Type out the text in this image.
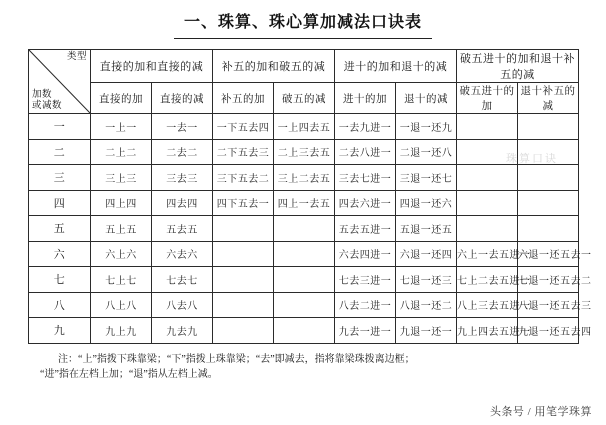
一、珠算、珠心算加减法口诀表
类型
加数
或减数	直接的加和直接的减		补五的加和破五的减		进十的加和退十的减		破五进十的加和退十补五的减	
	直接的加	直接的减	补五的加	破五的减	进十的加	退十的减	破五进十的加	退十补五的减
一	一上一	一去一	一下五去四	一上四去五	一去九进一	一退一还九		
二	二上二	二去二	二下五去三	二上三去五	二去八进一	二退一还八		
三	三上三	三去三	三下五去二	三上二去五	三去七进一	三退一还七		
四	四上四	四去四	四下五去一	四上一去五	四去六进一	四退一还六		
五	五上五	五去五			五去五进一	五退一还五		
六	六上六	六去六			六去四进一	六退一还四	六上一去五进一	六退一还五去一
七	七上七	七去七			七去三进一	七退一还三	七上二去五进一	七退一还五去二
八	八上八	八去八			八去二进一	八退一还二	八上三去五进一	八退一还五去三
九	九上九	九去九			九去一进一	九退一还一	九上四去五进一	九退一还五去四
注：“上”指拨下珠靠梁；“下”指拨上珠靠梁；“去”即减去，指将靠梁珠拨离边框；
“进”指在左档上加；“退”指从左档上减。
珠算口诀
头条号 / 用笔学珠算
